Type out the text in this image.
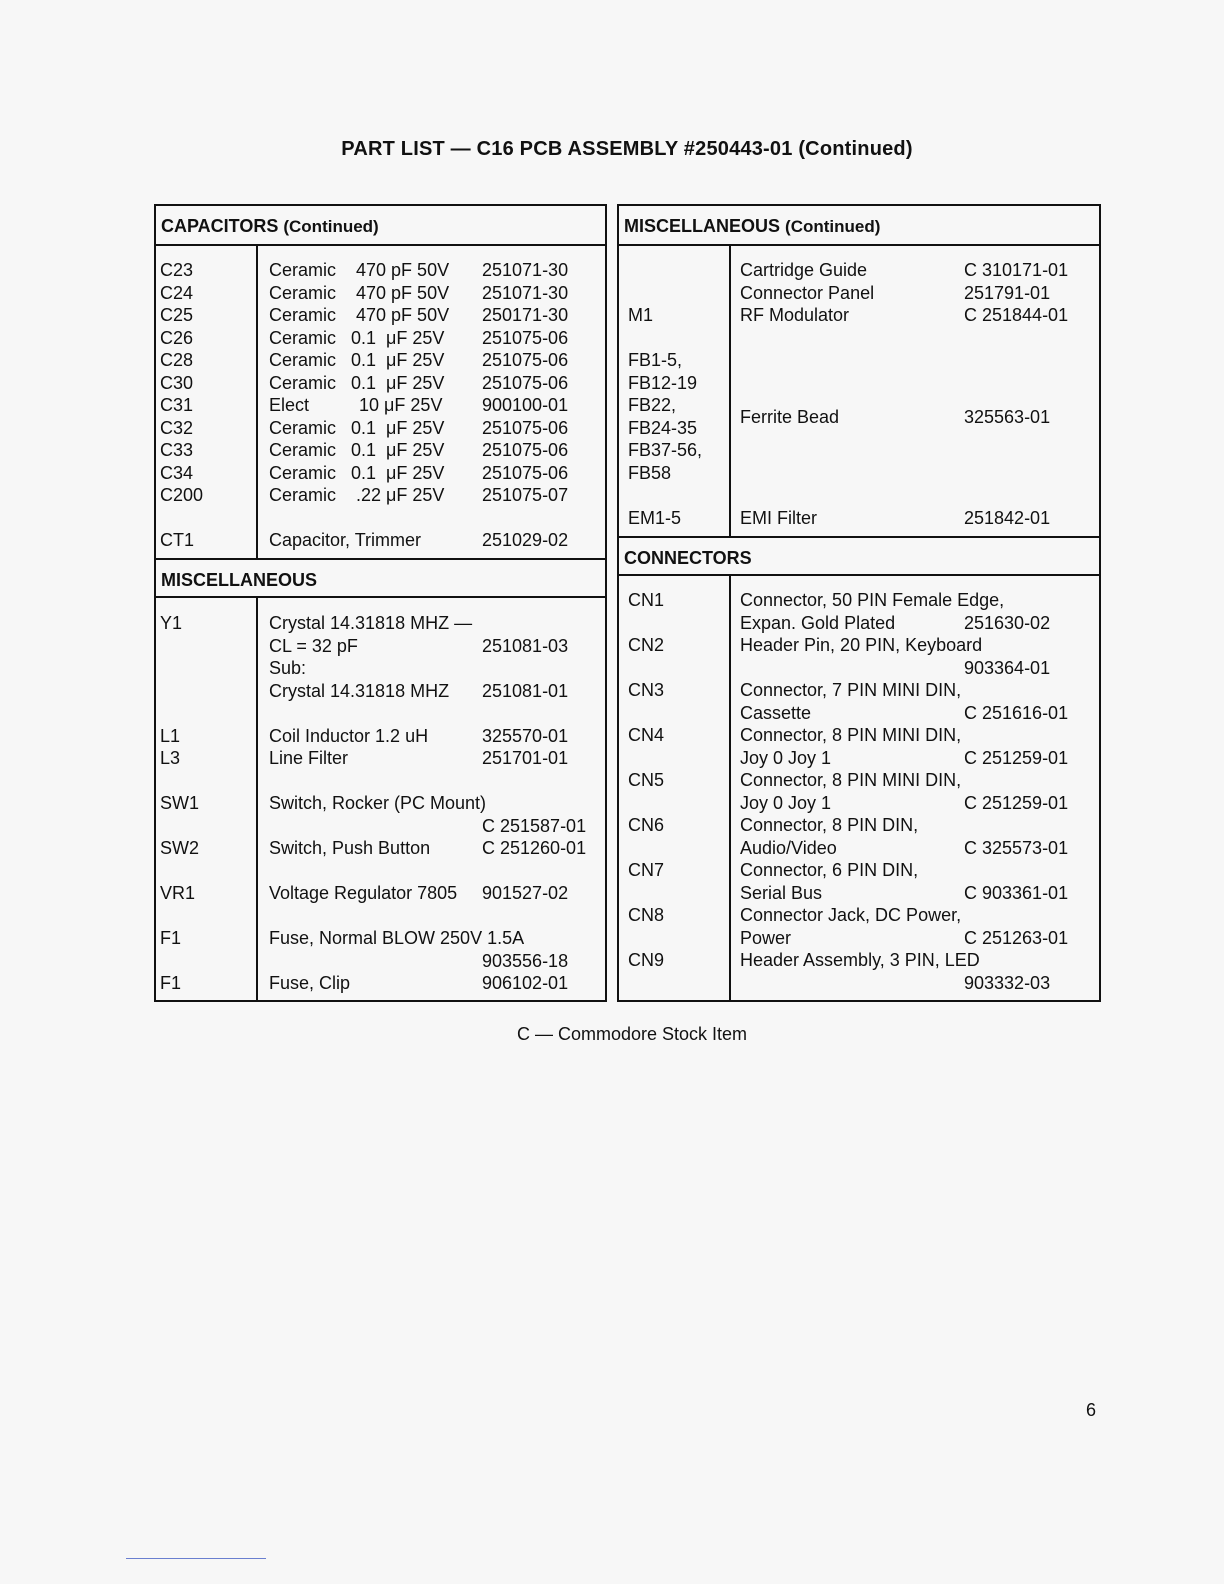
PART LIST — C16 PCB ASSEMBLY #250443-01 (Continued)
CAPACITORS (Continued)
C23	Ceramic    470 pF 50V 251071-30
C24	Ceramic    470 pF 50V 251071-30
C25	Ceramic    470 pF 50V 250171-30
C26	Ceramic   0.1  μF 25V 251075-06
C28	Ceramic   0.1  μF 25V 251075-06
C30	Ceramic   0.1  μF 25V 251075-06
C31	Elect          10 μF 25V 900100-01
C32	Ceramic   0.1  μF 25V 251075-06
C33	Ceramic   0.1  μF 25V 251075-06
C34	Ceramic   0.1  μF 25V 251075-06
C200	Ceramic    .22 μF 25V 251075-07
CT1	Capacitor, Trimmer	251029-02
MISCELLANEOUS
Y1	Crystal 14.31818 MHZ —
CL = 32 pF	251081-03
Sub:
Crystal 14.31818 MHZ 251081-01
L1	Coil Inductor 1.2 uH	325570-01
L3	Line Filter	251701-01
SW1	Switch, Rocker (PC Mount)
C 251587-01
SW2	Switch, Push Button	C 251260-01
VR1	Voltage Regulator 7805 901527-02
F1	Fuse, Normal BLOW 250V 1.5A
903556-18
F1	Fuse, Clip	906102-01
MISCELLANEOUS (Continued)
Cartridge Guide	C 310171-01
Connector Panel	251791-01
M1	RF Modulator	C 251844-01
FB1-5,
FB12-19
FB22,
FB24-35
FB37-56,
FB58
Ferrite Bead	325563-01
EM1-5	EMI Filter	251842-01
CONNECTORS
CN1	Connector, 50 PIN Female Edge,
Expan. Gold Plated	251630-02
CN2	Header Pin, 20 PIN, Keyboard
903364-01
CN3	Connector, 7 PIN MINI DIN,
Cassette	C 251616-01
CN4	Connector, 8 PIN MINI DIN,
Joy 0 Joy 1	C 251259-01
CN5	Connector, 8 PIN MINI DIN,
Joy 0 Joy 1	C 251259-01
CN6	Connector, 8 PIN DIN,
Audio/Video	C 325573-01
CN7	Connector, 6 PIN DIN,
Serial Bus	C 903361-01
CN8	Connector Jack, DC Power,
Power	C 251263-01
CN9	Header Assembly, 3 PIN, LED
903332-03
C — Commodore Stock Item
6
